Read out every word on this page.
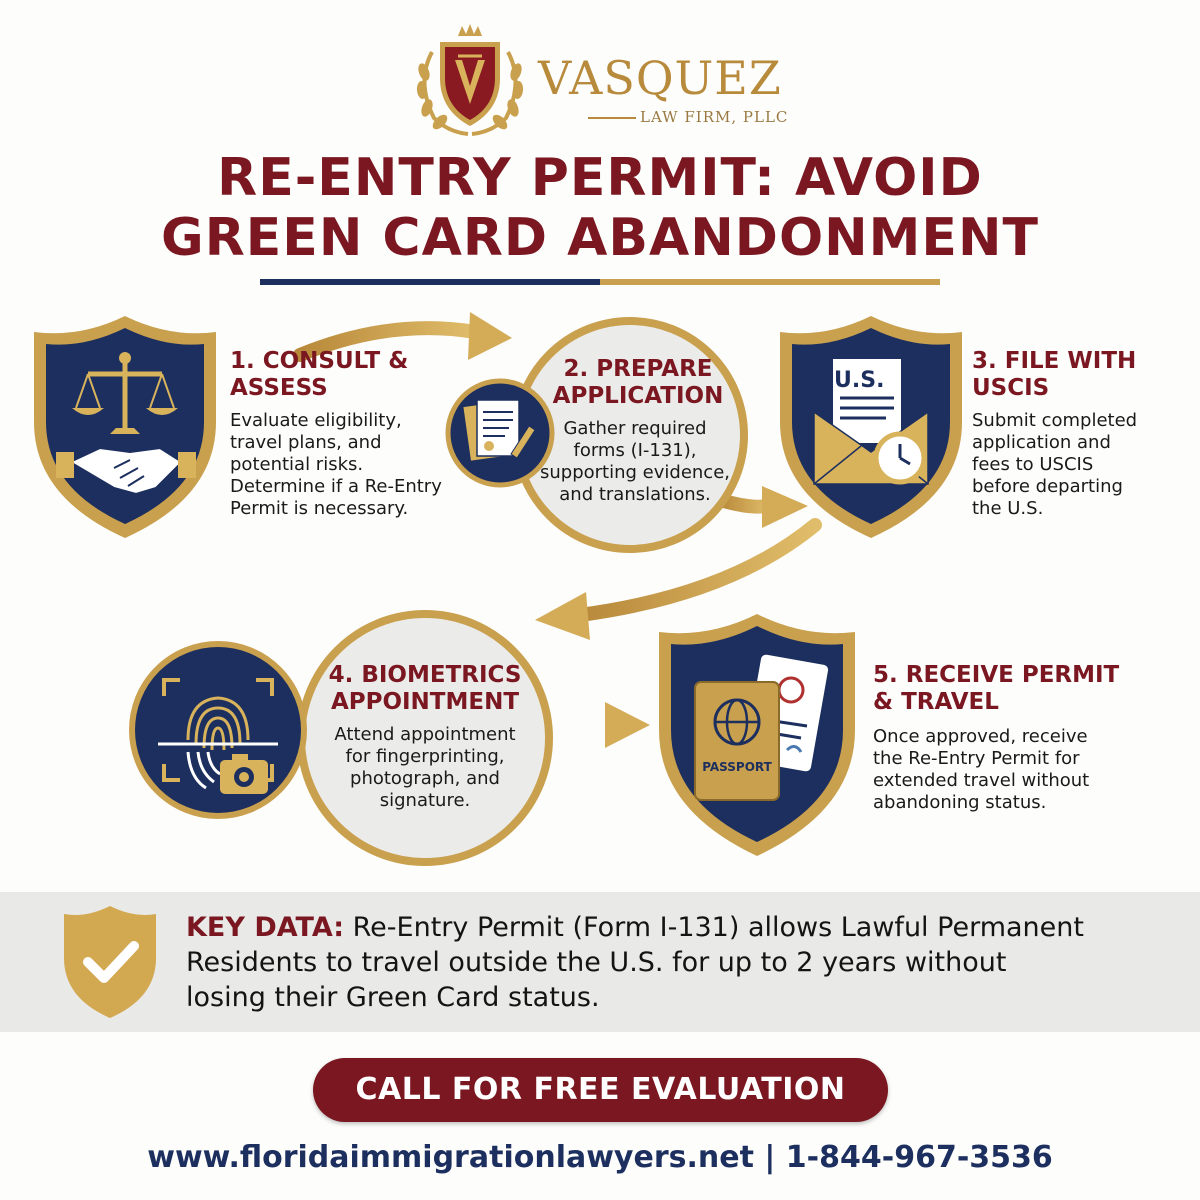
VASQUEZ
LAW FIRM, PLLC
RE-ENTRY PERMIT: AVOID
GREEN CARD ABANDONMENT
1. CONSULT &
ASSESS
Evaluate eligibility,
travel plans, and
potential risks.
Determine if a Re-Entry
Permit is necessary.
2. PREPARE
APPLICATION
Gather required
forms (I-131),
supporting evidence,
and translations.
U.S.
3. FILE WITH
USCIS
Submit completed
application and
fees to USCIS
before departing
the U.S.
4. BIOMETRICS
APPOINTMENT
Attend appointment
for fingerprinting,
photograph, and
signature.
PASSPORT
5. RECEIVE PERMIT
& TRAVEL
Once approved, receive
the Re-Entry Permit for
extended travel without
abandoning status.
KEY DATA: Re-Entry Permit (Form I-131) allows Lawful Permanent
Residents to travel outside the U.S. for up to 2 years without
losing their Green Card status.
CALL FOR FREE EVALUATION
www.floridaimmigrationlawyers.net | 1-844-967-3536
